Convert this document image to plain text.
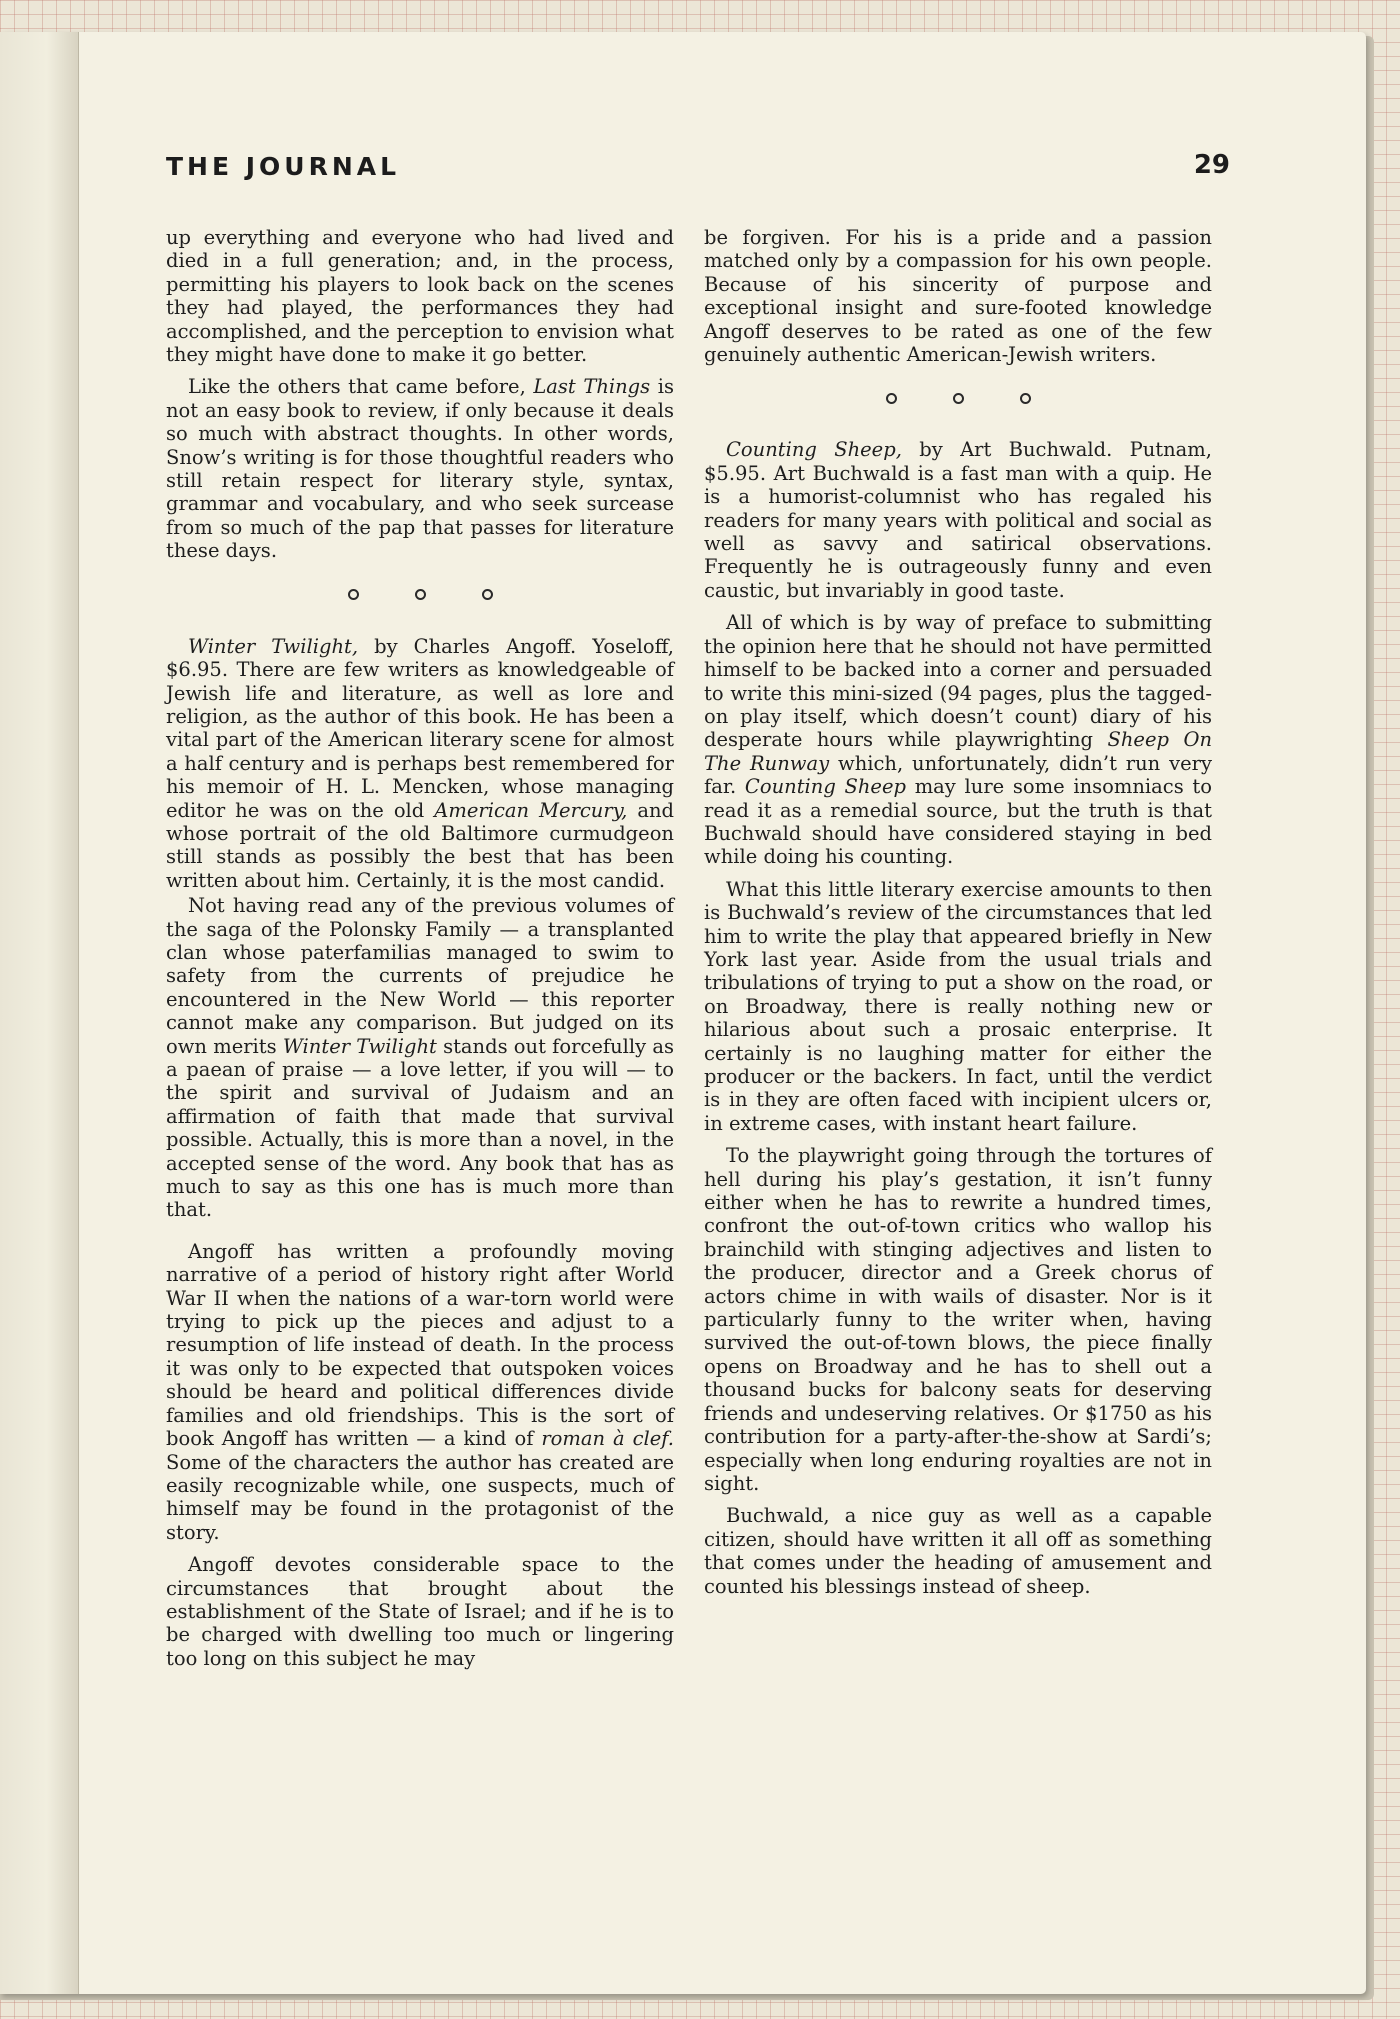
THE JOURNAL	29

up everything and everyone who had lived and died in a full generation; and, in the process, permitting his players to look back on the scenes they had played, the performances they had accomplished, and the perception to envision what they might have done to make it go better.

Like the others that came before, Last Things is not an easy book to review, if only because it deals so much with abstract thoughts. In other words, Snow’s writing is for those thoughtful readers who still retain respect for literary style, syntax, grammar and vocabulary, and who seek surcease from so much of the pap that passes for literature these days.

Winter Twilight, by Charles Angoff. Yoseloff, $6.95. There are few writers as knowledgeable of Jewish life and literature, as well as lore and religion, as the author of this book. He has been a vital part of the American literary scene for almost a half century and is perhaps best remembered for his memoir of H. L. Mencken, whose managing editor he was on the old American Mercury, and whose portrait of the old Baltimore curmudgeon still stands as possibly the best that has been written about him. Certainly, it is the most candid.

Not having read any of the previous volumes of the saga of the Polonsky Family — a transplanted clan whose paterfamilias managed to swim to safety from the currents of prejudice he encountered in the New World — this reporter cannot make any comparison. But judged on its own merits Winter Twilight stands out forcefully as a paean of praise — a love letter, if you will — to the spirit and survival of Judaism and an affirmation of faith that made that survival possible. Actually, this is more than a novel, in the accepted sense of the word. Any book that has as much to say as this one has is much more than that.

Angoff has written a profoundly moving narrative of a period of history right after World War II when the nations of a war-torn world were trying to pick up the pieces and adjust to a resumption of life instead of death. In the process it was only to be expected that outspoken voices should be heard and political differences divide families and old friendships. This is the sort of book Angoff has written — a kind of roman à clef. Some of the characters the author has created are easily recognizable while, one suspects, much of himself may be found in the protagonist of the story.

Angoff devotes considerable space to the circumstances that brought about the establishment of the State of Israel; and if he is to be charged with dwelling too much or lingering too long on this subject he may

be forgiven. For his is a pride and a passion matched only by a compassion for his own people. Because of his sincerity of purpose and exceptional insight and sure-footed knowledge Angoff deserves to be rated as one of the few genuinely authentic American-Jewish writers.

Counting Sheep, by Art Buchwald. Putnam, $5.95. Art Buchwald is a fast man with a quip. He is a humorist-columnist who has regaled his readers for many years with political and social as well as savvy and satirical observations. Frequently he is outrageously funny and even caustic, but invariably in good taste.

All of which is by way of preface to submitting the opinion here that he should not have permitted himself to be backed into a corner and persuaded to write this mini-sized (94 pages, plus the tagged-on play itself, which doesn’t count) diary of his desperate hours while playwrighting Sheep On The Runway which, unfortunately, didn’t run very far. Counting Sheep may lure some insomniacs to read it as a remedial source, but the truth is that Buchwald should have considered staying in bed while doing his counting.

What this little literary exercise amounts to then is Buchwald’s review of the circumstances that led him to write the play that appeared briefly in New York last year. Aside from the usual trials and tribulations of trying to put a show on the road, or on Broadway, there is really nothing new or hilarious about such a prosaic enterprise. It certainly is no laughing matter for either the producer or the backers. In fact, until the verdict is in they are often faced with incipient ulcers or, in extreme cases, with instant heart failure.

To the playwright going through the tortures of hell during his play’s gestation, it isn’t funny either when he has to rewrite a hundred times, confront the out-of-town critics who wallop his brainchild with stinging adjectives and listen to the producer, director and a Greek chorus of actors chime in with wails of disaster. Nor is it particularly funny to the writer when, having survived the out-of-town blows, the piece finally opens on Broadway and he has to shell out a thousand bucks for balcony seats for deserving friends and undeserving relatives. Or $1750 as his contribution for a party-after-the-show at Sardi’s; especially when long enduring royalties are not in sight.

Buchwald, a nice guy as well as a capable citizen, should have written it all off as something that comes under the heading of amusement and counted his blessings instead of sheep.
